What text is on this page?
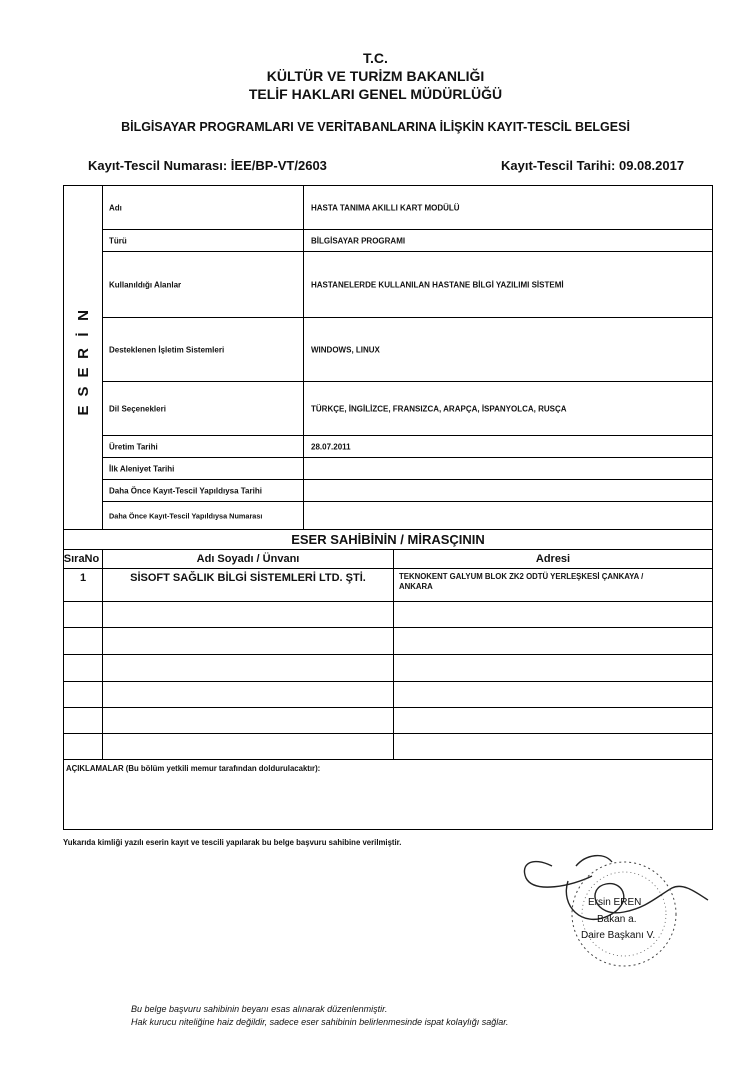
T.C.
KÜLTÜR VE TURİZM BAKANLIĞI
TELİF HAKLARI GENEL MÜDÜRLÜĞÜ
BİLGİSAYAR PROGRAMLARI VE VERİTABANLARINA İLİŞKİN KAYIT-TESCİL BELGESİ
Kayıt-Tescil Numarası: İEE/BP-VT/2603	Kayıt-Tescil Tarihi: 09.08.2017
N
İ
R
E
S
E
Adı	HASTA TANIMA AKILLI KART MODÜLÜ
Türü	BİLGİSAYAR PROGRAMI
Kullanıldığı Alanlar	HASTANELERDE KULLANILAN HASTANE BİLGİ YAZILIMI SİSTEMİ
Desteklenen İşletim Sistemleri	WINDOWS, LINUX
Dil Seçenekleri	TÜRKÇE, İNGİLİZCE, FRANSIZCA, ARAPÇA, İSPANYOLCA, RUSÇA
Üretim Tarihi	28.07.2011
İlk Aleniyet Tarihi
Daha Önce Kayıt-Tescil Yapıldıysa Tarihi
Daha Önce Kayıt-Tescil Yapıldıysa Numarası
ESER SAHİBİNİN / MİRASÇININ
SıraNo	Adı Soyadı / Ünvanı	Adresi
1	SİSOFT SAĞLIK BİLGİ SİSTEMLERİ LTD. ŞTİ.	TEKNOKENT GALYUM BLOK ZK2 ODTÜ YERLEŞKESİ ÇANKAYA /
ANKARA
AÇIKLAMALAR (Bu bölüm yetkili memur tarafından doldurulacaktır):
Yukarıda kimliği yazılı eserin kayıt ve tescili yapılarak bu belge başvuru sahibine verilmiştir.
Ersin EREN
Bakan a.
Daire Başkanı V.
Bu belge başvuru sahibinin beyanı esas alınarak düzenlenmiştir.
Hak kurucu niteliğine haiz değildir, sadece eser sahibinin belirlenmesinde ispat kolaylığı sağlar.
